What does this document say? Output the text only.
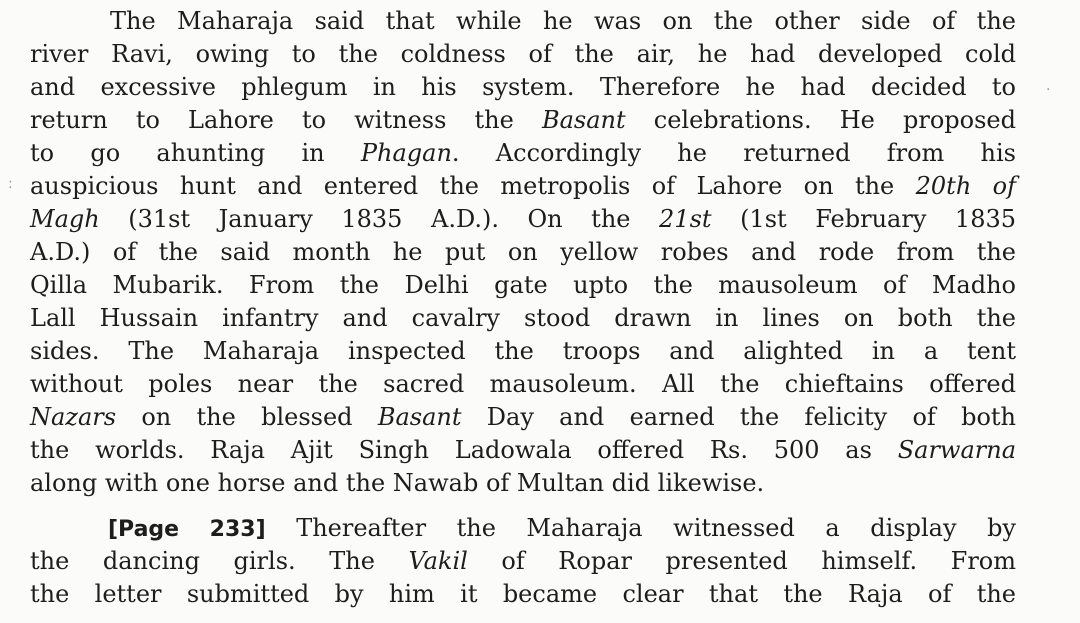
:
·
The Maharaja said that while he was on the other side of the
river Ravi, owing to the coldness of the air, he had developed cold
and excessive phlegum in his system. Therefore he had decided to
return to Lahore to witness the Basant celebrations. He proposed
to go ahunting in Phagan. Accordingly he returned from his
auspicious hunt and entered the metropolis of Lahore on the 20th of
Magh (31st January 1835 A.D.). On the 21st (1st February 1835
A.D.) of the said month he put on yellow robes and rode from the
Qilla Mubarik. From the Delhi gate upto the mausoleum of Madho
Lall Hussain infantry and cavalry stood drawn in lines on both the
sides. The Maharaja inspected the troops and alighted in a tent
without poles near the sacred mausoleum. All the chieftains offered
Nazars on the blessed Basant Day and earned the felicity of both
the worlds. Raja Ajit Singh Ladowala offered Rs. 500 as Sarwarna
along with one horse and the Nawab of Multan did likewise.
[Page 233] Thereafter the Maharaja witnessed a display by
the dancing girls. The Vakil of Ropar presented himself. From
the letter submitted by him it became clear that the Raja of the
